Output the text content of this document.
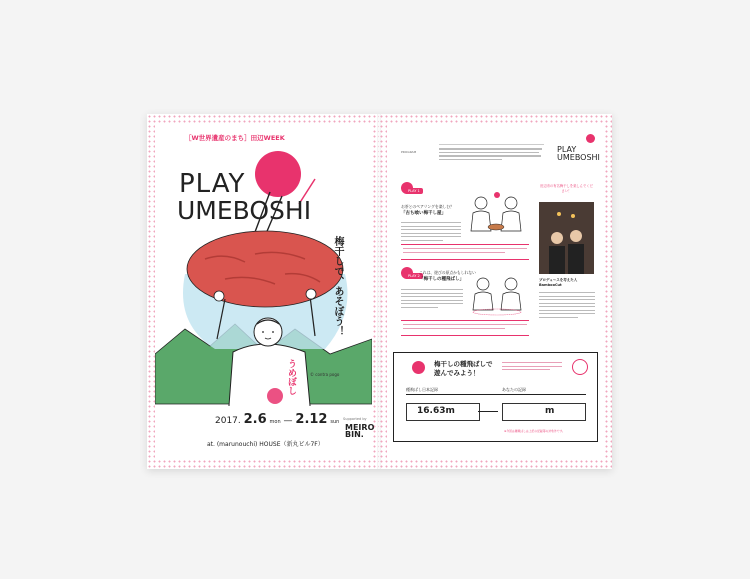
［W世界遺産のまち］田辺WEEK
PLAY
UMEBOSHI
梅干しで、あそぼう！
うめぼし	© contra pogo
2017. 2.6 mon — 2.12 sun
at. (marunouchi) HOUSE（新丸ビル7F）
Supported by
MEIRO BIN.
PROGRAM	PLAY
UMEBOSHI
PLAY 1
お茶とのペアリングを楽しむ？
「古ち喰い梅干し屋」
PLAY 2
これは、遊びの原点かもしれない
「梅干しの種飛ばし」
田辺市の有名梅干しを楽しんでください！
プロデュースを考えた人 BambooCut
梅干しの種飛ばしで
遊んでみよう！
種飛ばし日本記録
16.63m
あなたの記録
m
※今回は種飛ばしは上記の記録等の対象外です。
